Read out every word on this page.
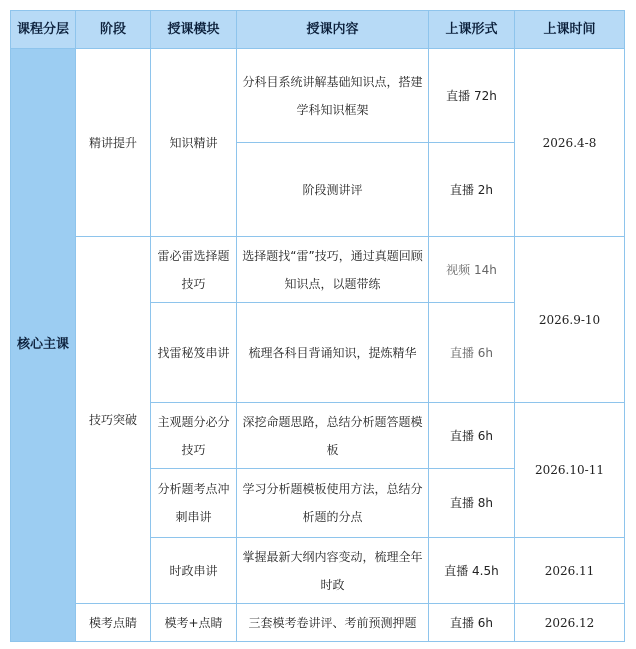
课程分层	阶段	授课模块	授课内容	上课形式	上课时间
核心主课	精讲提升	知识精讲	分科目系统讲解基础知识点，搭建学科知识框架	直播 72h	2026.4-8
			阶段测讲评	直播 2h	
	技巧突破	雷必雷选择题技巧	选择题找“雷”技巧，通过真题回顾知识点，以题带练	视频 14h	2026.9-10
		找雷秘笈串讲	梳理各科目背诵知识，提炼精华	直播 6h	
		主观题分必分技巧	深挖命题思路，总结分析题答题模板	直播 6h	2026.10-11
		分析题考点冲刺串讲	学习分析题模板使用方法，总结分析题的分点	直播 8h	
		时政串讲	掌握最新大纲内容变动，梳理全年时政	直播 4.5h	2026.11
	模考点睛	模考+点睛	三套模考卷讲评、考前预测押题	直播 6h	2026.12
